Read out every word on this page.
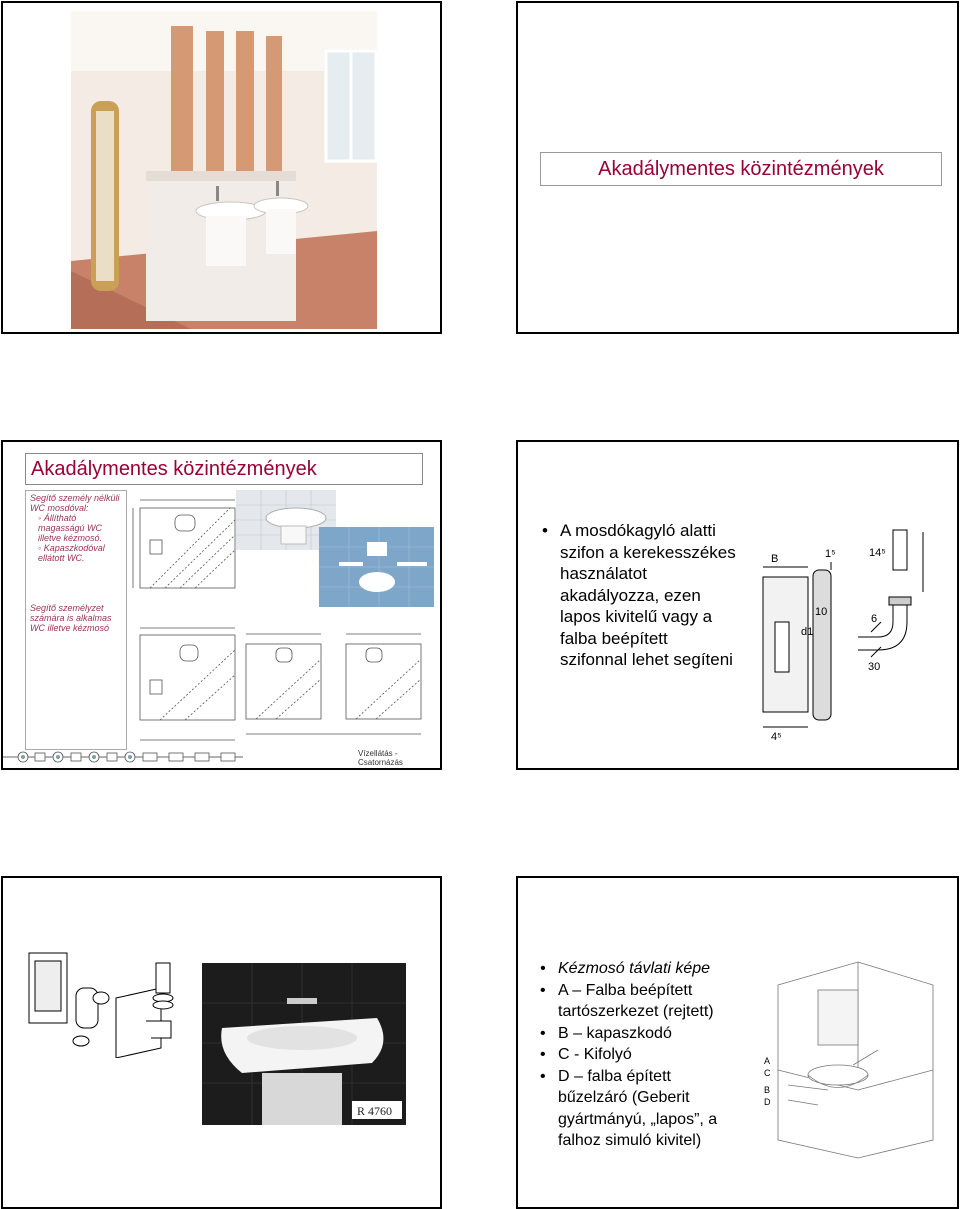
Akadálymentes közintézmények
Akadálymentes közintézmények
Segítő személy nélküli WC mosdóval:
◦ Állítható magasságú WC illetve kézmosó.
◦ Kapaszkodóval ellátott WC.
Segítő személyzet számára is alkalmas WC illetve kézmosó
Vízellátás - Csatornázás
• A mosdókagyló alatti szifon a kerekesszékes használatot akadályozza, ezen lapos kivitelű vagy a falba beépített szifonnal lehet segíteni
B	1⁵	14⁵
10
d1
6
30
4⁵
R 4760
• Kézmosó távlati képe
• A – Falba beépített tartószerkezet (rejtett)
• B – kapaszkodó
• C - Kifolyó
• D – falba épített bűzelzáró (Geberit gyártmányú, „lapos”, a falhoz simuló kivitel)
A
C
B
D
